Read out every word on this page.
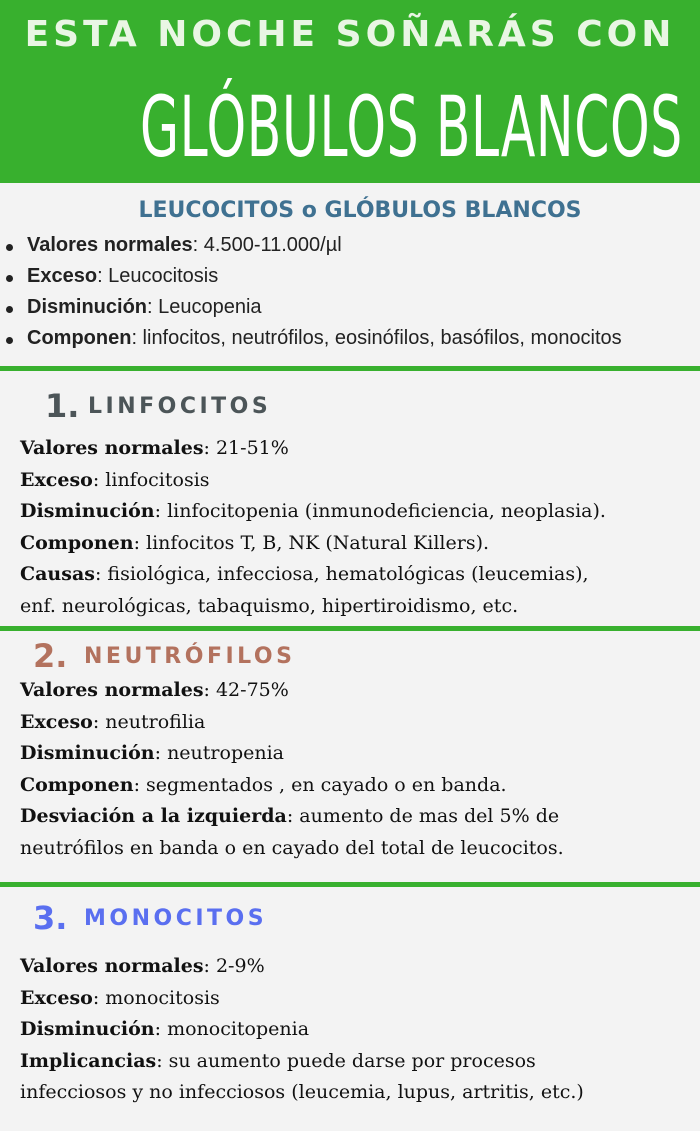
ESTA NOCHE SOÑARÁS CON
GLÓBULOS BLANCOS
LEUCOCITOS o GLÓBULOS BLANCOS
Valores normales: 4.500-11.000/µl
Exceso: Leucocitosis
Disminución: Leucopenia
Componen: linfocitos, neutrófilos, eosinófilos, basófilos, monocitos
1. LINFOCITOS
Valores normales: 21-51%
Exceso: linfocitosis
Disminución: linfocitopenia (inmunodeficiencia, neoplasia).
Componen: linfocitos T, B, NK (Natural Killers).
Causas: fisiológica, infecciosa, hematológicas (leucemias),
enf. neurológicas, tabaquismo, hipertiroidismo, etc.
2. NEUTRÓFILOS
Valores normales: 42-75%
Exceso: neutrofilia
Disminución: neutropenia
Componen: segmentados , en cayado o en banda.
Desviación a la izquierda: aumento de mas del 5% de
neutrófilos en banda o en cayado del total de leucocitos.
3. MONOCITOS
Valores normales: 2-9%
Exceso: monocitosis
Disminución: monocitopenia
Implicancias: su aumento puede darse por procesos
infecciosos y no infecciosos (leucemia, lupus, artritis, etc.)
